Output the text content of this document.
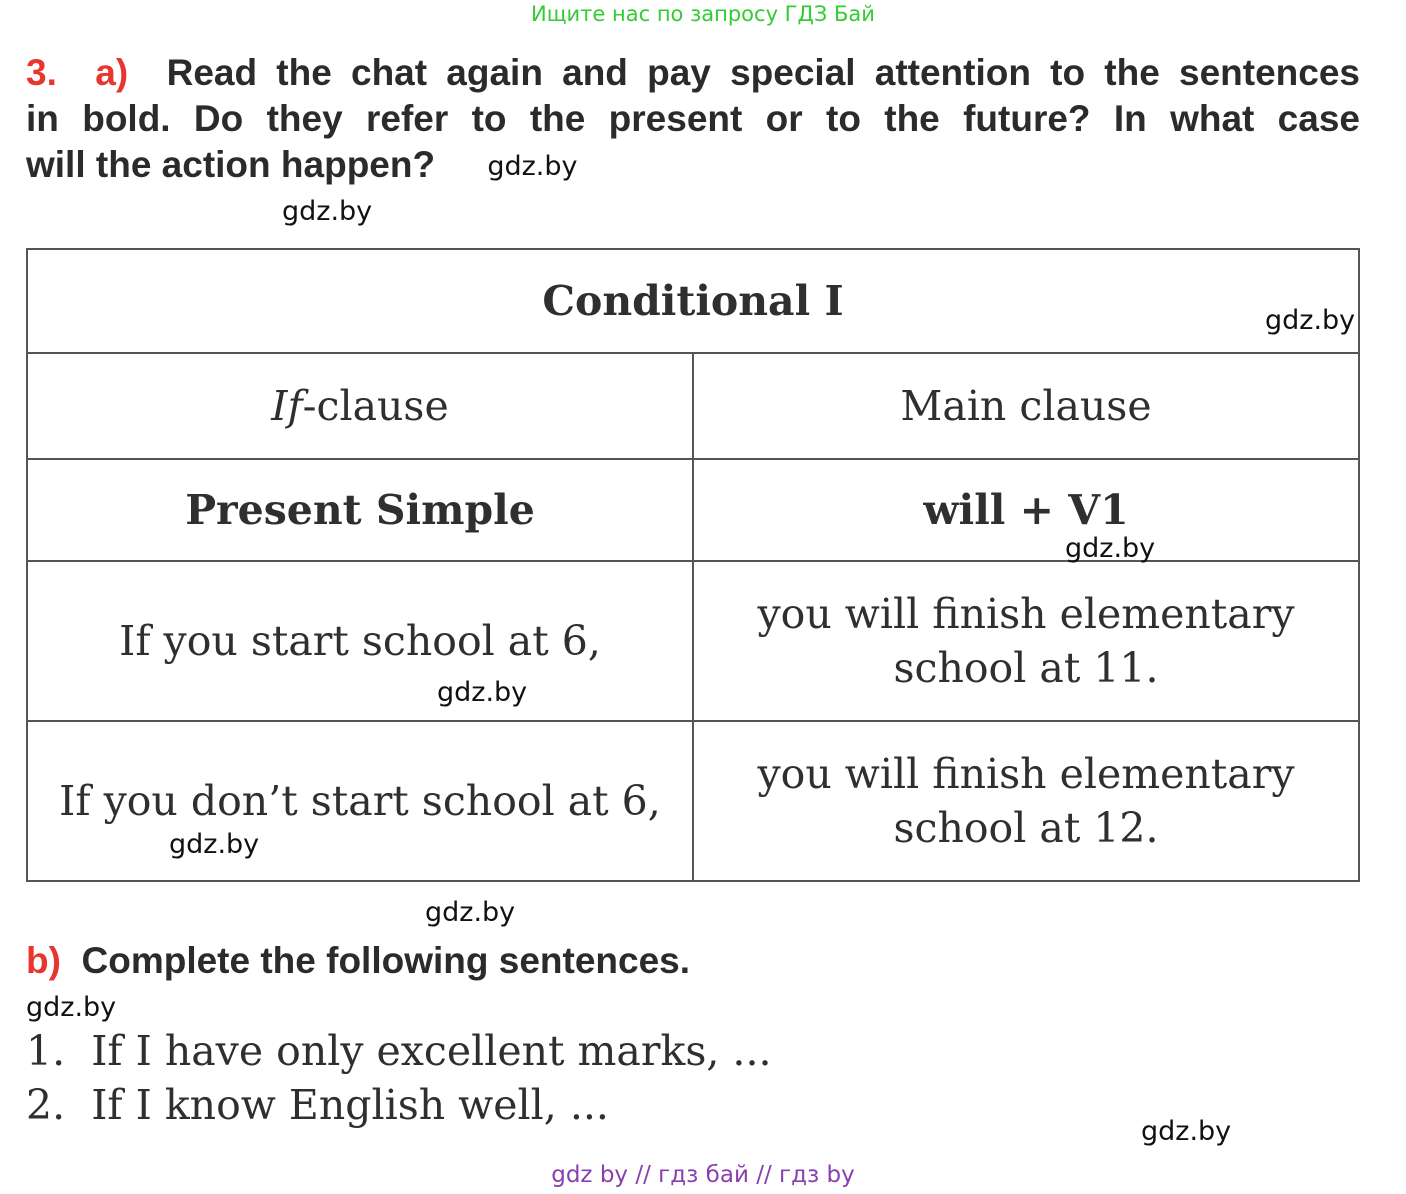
Ищите нас по запросу ГДЗ Бай
3. a) Read the chat again and pay special attention to the sentences
in bold. Do they refer to the present or to the future? In what case
will the action happen? gdz.by
gdz.by
Conditional I	
If-clause	Main clause
Present Simple	will + V1
If you start school at 6,	you will finish elementary
school at 11.
If you don’t start school at 6,	you will finish elementary
school at 12.
gdz.by
gdz.by
gdz.by
gdz.by
gdz.by
b) Complete the following sentences.
gdz.by
1. If I have only excellent marks, ...
2. If I know English well, ...
gdz.by
gdz by // гдз бай // гдз by
